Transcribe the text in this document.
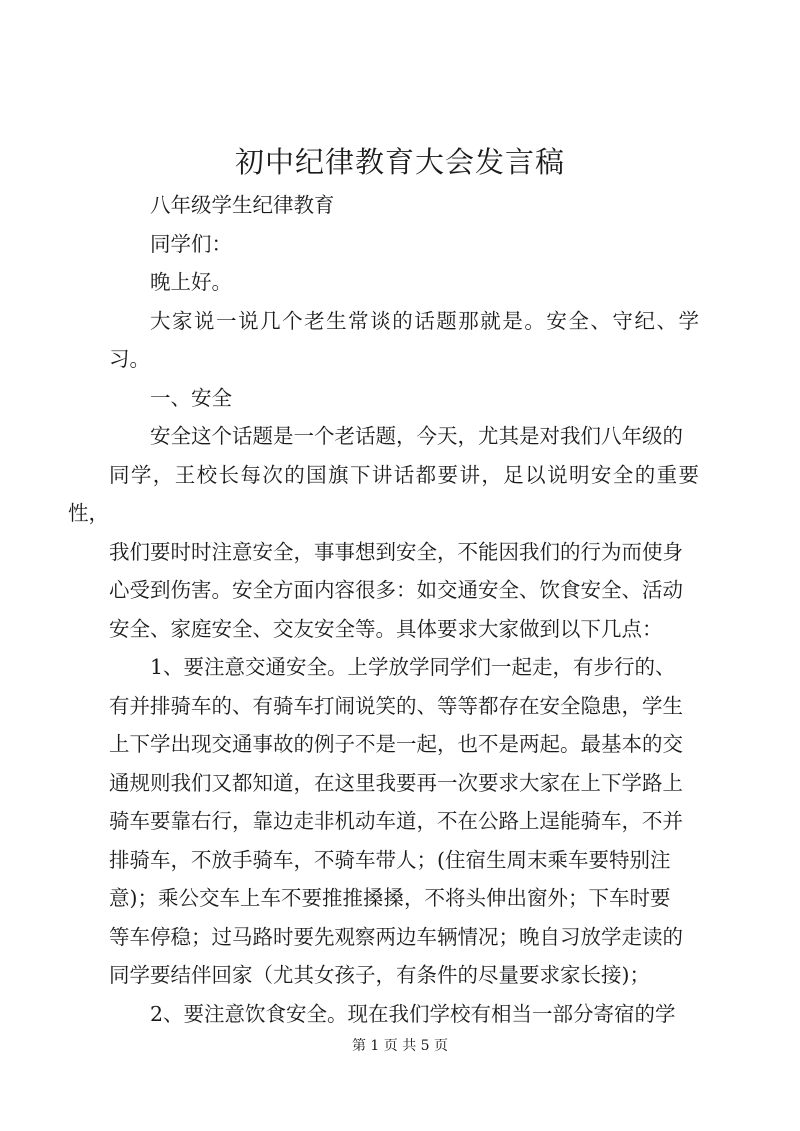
初中纪律教育大会发言稿

八年级学生纪律教育

同学们：

晚上好。

大家说一说几个老生常谈的话题那就是。安全、守纪、学习。

一、安全

安全这个话题是一个老话题，今天，尤其是对我们八年级的
同学，王校长每次的国旗下讲话都要讲，足以说明安全的重要性，
我们要时时注意安全，事事想到安全，不能因我们的行为而使身
心受到伤害。安全方面内容很多：如交通安全、饮食安全、活动
安全、家庭安全、交友安全等。具体要求大家做到以下几点：

1、要注意交通安全。上学放学同学们一起走，有步行的、
有并排骑车的、有骑车打闹说笑的、等等都存在安全隐患，学生
上下学出现交通事故的例子不是一起，也不是两起。最基本的交
通规则我们又都知道，在这里我要再一次要求大家在上下学路上
骑车要靠右行，靠边走非机动车道，不在公路上逞能骑车，不并
排骑车，不放手骑车，不骑车带人；(住宿生周末乘车要特别注
意)；乘公交车上车不要推推搡搡，不将头伸出窗外；下车时要
等车停稳；过马路时要先观察两边车辆情况；晚自习放学走读的
同学要结伴回家（尤其女孩子，有条件的尽量要求家长接)；

2、要注意饮食安全。现在我们学校有相当一部分寄宿的学

第 1 页 共 5 页
